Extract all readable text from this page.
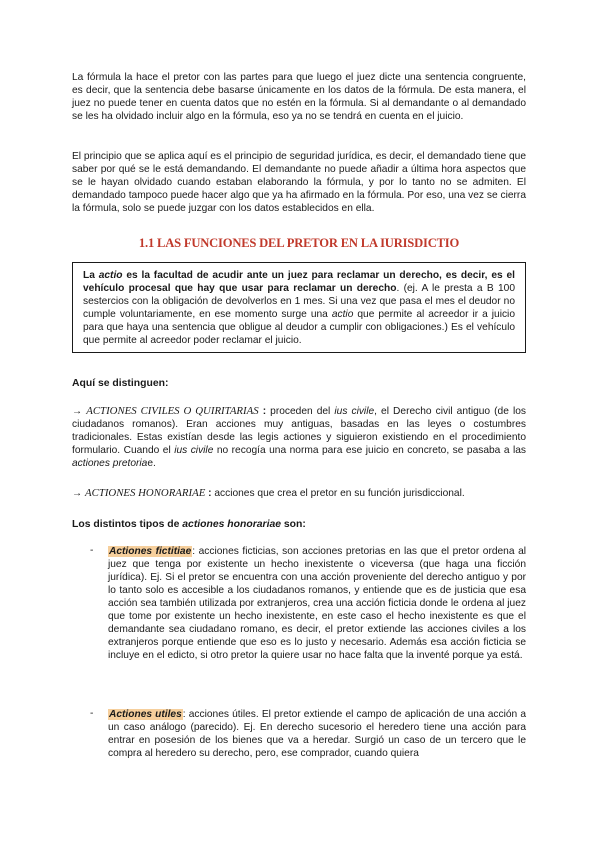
La fórmula la hace el pretor con las partes para que luego el juez dicte una sentencia congruente, es decir, que la sentencia debe basarse únicamente en los datos de la fórmula. De esta manera, el juez no puede tener en cuenta datos que no estén en la fórmula. Si al demandante o al demandado se les ha olvidado incluir algo en la fórmula, eso ya no se tendrá en cuenta en el juicio.

El principio que se aplica aquí es el principio de seguridad jurídica, es decir, el demandado tiene que saber por qué se le está demandando. El demandante no puede añadir a última hora aspectos que se le hayan olvidado cuando estaban elaborando la fórmula, y por lo tanto no se admiten. El demandado tampoco puede hacer algo que ya ha afirmado en la fórmula. Por eso, una vez se cierra la fórmula, solo se puede juzgar con los datos establecidos en ella.

1.1 LAS FUNCIONES DEL PRETOR EN LA IURISDICTIO

La actio es la facultad de acudir ante un juez para reclamar un derecho, es decir, es el vehículo procesal que hay que usar para reclamar un derecho. (ej. A le presta a B 100 sestercios con la obligación de devolverlos en 1 mes. Si una vez que pasa el mes el deudor no cumple voluntariamente, en ese momento surge una actio que permite al acreedor ir a juicio para que haya una sentencia que obligue al deudor a cumplir con obligaciones.) Es el vehículo que permite al acreedor poder reclamar el juicio.

Aquí se distinguen:

→ ACTIONES CIVILES O QUIRITARIAS : proceden del ius civile, el Derecho civil antiguo (de los ciudadanos romanos). Eran acciones muy antiguas, basadas en las leyes o costumbres tradicionales. Estas existían desde las legis actiones y siguieron existiendo en el procedimiento formulario. Cuando el ius civile no recogía una norma para ese juicio en concreto, se pasaba a las actiones pretoriae.

→ ACTIONES HONORARIAE : acciones que crea el pretor en su función jurisdiccional.

Los distintos tipos de actiones honorariae son:

- Actiones fictitiae: acciones ficticias, son acciones pretorias en las que el pretor ordena al juez que tenga por existente un hecho inexistente o viceversa (que haga una ficción jurídica). Ej. Si el pretor se encuentra con una acción proveniente del derecho antiguo y por lo tanto solo es accesible a los ciudadanos romanos, y entiende que es de justicia que esa acción sea también utilizada por extranjeros, crea una acción ficticia donde le ordena al juez que tome por existente un hecho inexistente, en este caso el hecho inexistente es que el demandante sea ciudadano romano, es decir, el pretor extiende las acciones civiles a los extranjeros porque entiende que eso es lo justo y necesario. Además esa acción ficticia se incluye en el edicto, si otro pretor la quiere usar no hace falta que la inventé porque ya está.

- Actiones utiles: acciones útiles. El pretor extiende el campo de aplicación de una acción a un caso análogo (parecido). Ej. En derecho sucesorio el heredero tiene una acción para entrar en posesión de los bienes que va a heredar. Surgió un caso de un tercero que le compra al heredero su derecho, pero, ese comprador, cuando quiera
